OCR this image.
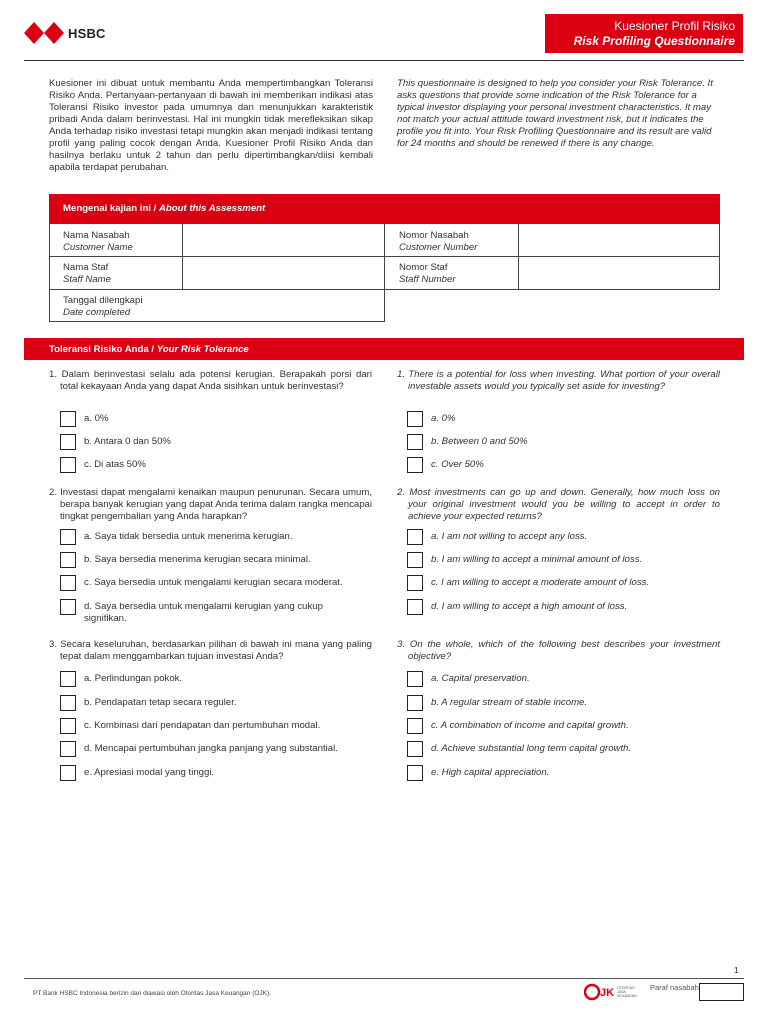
HSBC	Kuesioner Profil Risiko
Risk Profiling Questionnaire
Kuesioner ini dibuat untuk membantu Anda mempertimbangkan Toleransi Risiko Anda. Pertanyaan-pertanyaan di bawah ini memberikan indikasi atas Toleransi Risiko investor pada umumnya dan menunjukkan karakteristik pribadi Anda dalam berinvestasi. Hal ini mungkin tidak merefleksikan sikap Anda terhadap risiko investasi tetapi mungkin akan menjadi indikasi tentang profil yang paling cocok dengan Anda. Kuesioner Profil Risiko Anda dan hasilnya berlaku untuk 2 tahun dan perlu dipertimbangkan/diisi kembali apabila terdapat perubahan.
This questionnaire is designed to help you consider your Risk Tolerance. It asks questions that provide some indication of the Risk Tolerance for a typical investor displaying your personal investment characteristics. It may not match your actual attitude toward investment risk, but it indicates the profile you fit into. Your Risk Profiling Questionnaire and its result are valid for 24 months and should be renewed if there is any change.
Mengenai kajian ini / About this Assessment
Nama Nasabah
Customer Name
Nomor Nasabah
Customer Number
Nama Staf
Staff Name
Nomor Staf
Staff Number
Tanggal dilengkapi
Date completed
Toleransi Risiko Anda / Your Risk Tolerance
1. Dalam berinvestasi selalu ada potensi kerugian. Berapakah porsi dari total kekayaan Anda yang dapat Anda sisihkan untuk berinvestasi?
1. There is a potential for loss when investing. What portion of your overall investable assets would you typically set aside for investing?
a. 0%
b. Antara 0 dan 50%
c. Di atas 50%
a. 0%
b. Between 0 and 50%
c. Over 50%
2. Investasi dapat mengalami kenaikan maupun penurunan. Secara umum, berapa banyak kerugian yang dapat Anda terima dalam rangka mencapai tingkat pengembalian yang Anda harapkan?
2. Most investments can go up and down. Generally, how much loss on your original investment would you be willing to accept in order to achieve your expected returns?
a. Saya tidak bersedia untuk menerima kerugian.
b. Saya bersedia menerima kerugian secara minimal.
c. Saya bersedia untuk mengalami kerugian secara moderat.
d. Saya bersedia untuk mengalami kerugian yang cukup signifikan.
a. I am not willing to accept any loss.
b. I am willing to accept a minimal amount of loss.
c. I am willing to accept a moderate amount of loss.
d. I am willing to accept a high amount of loss.
3. Secara keseluruhan, berdasarkan pilihan di bawah ini mana yang paling tepat dalam menggambarkan tujuan investasi Anda?
3. On the whole, which of the following best describes your investment objective?
a. Perlindungan pokok.
b. Pendapatan tetap secara reguler.
c. Kombinasi dari pendapatan dan pertumbuhan modal.
d. Mencapai pertumbuhan jangka panjang yang substantial.
e. Apresiasi modal yang tinggi.
a. Capital preservation.
b. A regular stream of stable income.
c. A combination of income and capital growth.
d. Achieve substantial long term capital growth.
e. High capital appreciation.
1
PT Bank HSBC Indonesia berizin dan diawasi oleh Otoritas Jasa Keuangan (OJK).	JK OTORITAS
JASA
KEUANGAN
Paraf nasabah
